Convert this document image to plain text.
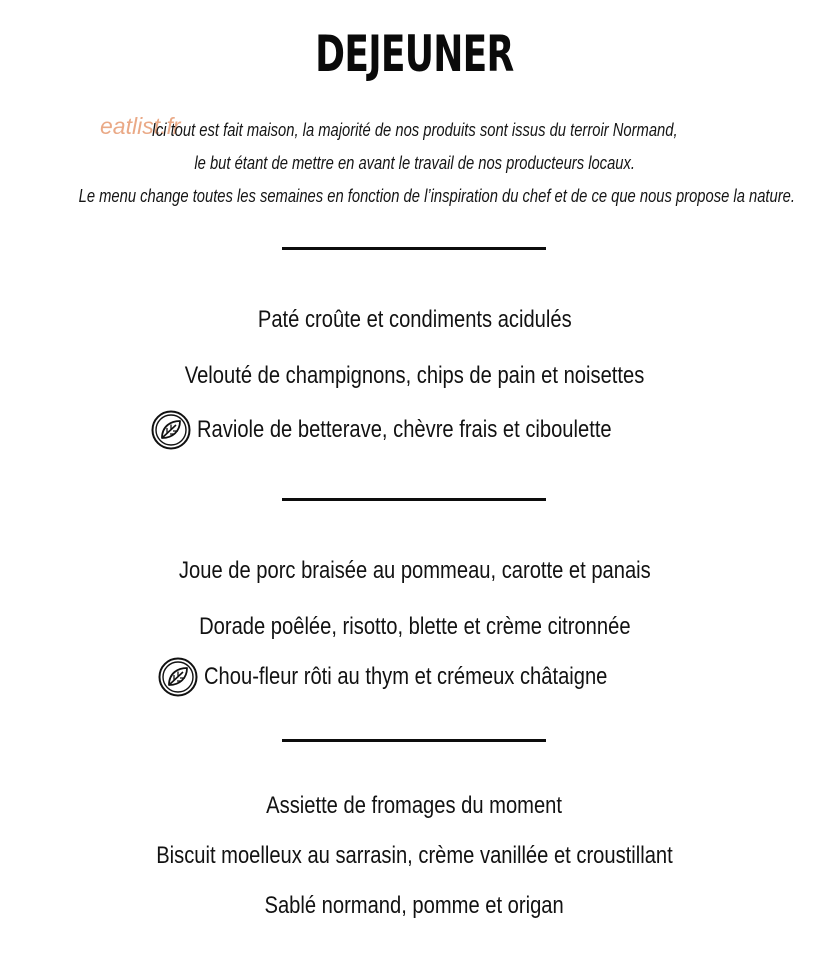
DEJEUNER
eatlist.fr
Ici tout est fait maison, la majorité de nos produits sont issus du terroir Normand,
le but étant de mettre en avant le travail de nos producteurs locaux.
Le menu change toutes les semaines en fonction de l’inspiration du chef et de ce que nous propose la nature.
Paté croûte et condiments acidulés
Velouté de champignons, chips de pain et noisettes
Raviole de betterave, chèvre frais et ciboulette
Joue de porc braisée au pommeau, carotte et panais
Dorade poêlée, risotto, blette et crème citronnée
Chou-fleur rôti au thym et crémeux châtaigne
Assiette de fromages du moment
Biscuit moelleux au sarrasin, crème vanillée et croustillant
Sablé normand, pomme et origan
